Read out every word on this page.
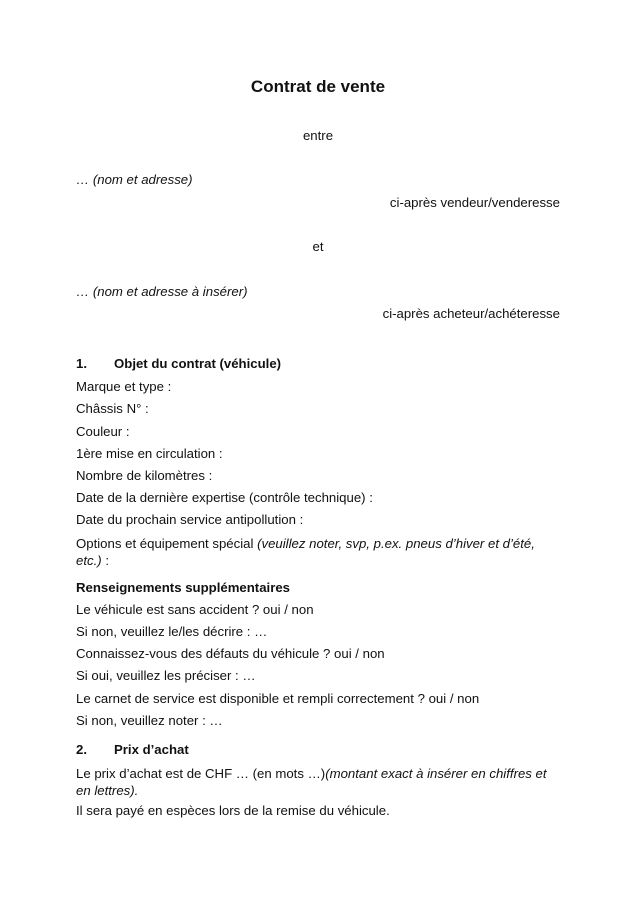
Contrat de vente
entre
… (nom et adresse)
ci-après vendeur/venderesse
et
… (nom et adresse à insérer)
ci-après acheteur/achéteresse
1. Objet du contrat (véhicule)
Marque et type :
Châssis N° :
Couleur :
1ère mise en circulation :
Nombre de kilomètres :
Date de la dernière expertise (contrôle technique) :
Date du prochain service antipollution :
Options et équipement spécial (veuillez noter, svp, p.ex. pneus d’hiver et d’été, etc.) :
Renseignements supplémentaires
Le véhicule est sans accident ? oui / non
Si non, veuillez le/les décrire : …
Connaissez-vous des défauts du véhicule ? oui / non
Si oui, veuillez les préciser : …
Le carnet de service est disponible et rempli correctement ? oui / non
Si non, veuillez noter : …
2. Prix d’achat
Le prix d’achat est de CHF … (en mots …)(montant exact à insérer en chiffres et en lettres).
Il sera payé en espèces lors de la remise du véhicule.
